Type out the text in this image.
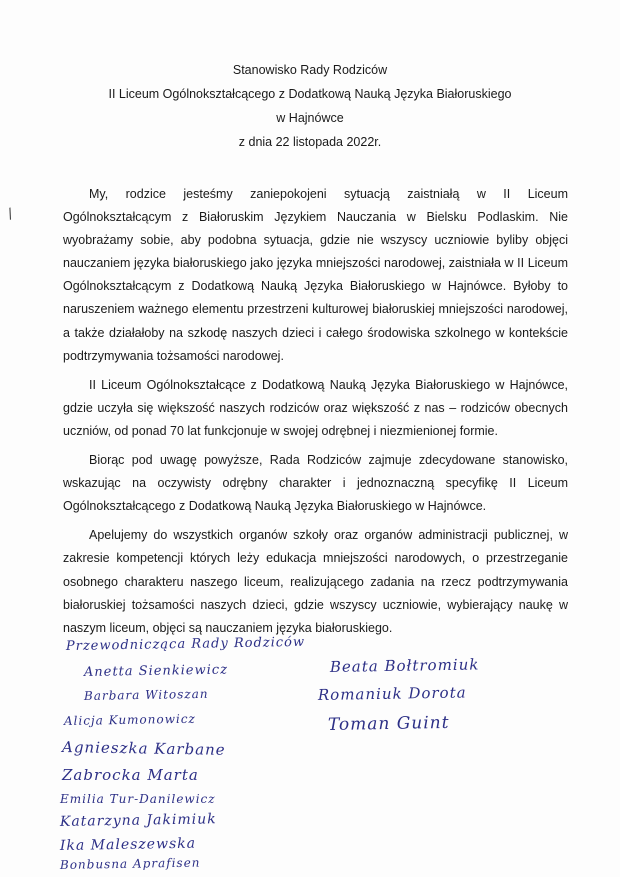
Stanowisko Rady Rodziców
II Liceum Ogólnokształcącego z Dodatkową Nauką Języka Białoruskiego
w Hajnówce
z dnia 22 listopada 2022r.
∕

My, rodzice jesteśmy zaniepokojeni sytuacją zaistniałą w II Liceum Ogólnokształcącym z Białoruskim Językiem Nauczania w Bielsku Podlaskim. Nie wyobrażamy sobie, aby podobna sytuacja, gdzie nie wszyscy uczniowie byliby objęci nauczaniem języka białoruskiego jako języka mniejszości narodowej, zaistniała w II Liceum Ogólnokształcącym z Dodatkową Nauką Języka Białoruskiego w Hajnówce. Byłoby to naruszeniem ważnego elementu przestrzeni kulturowej białoruskiej mniejszości narodowej, a także działałoby na szkodę naszych dzieci i całego środowiska szkolnego w kontekście podtrzymywania tożsamości narodowej.

II Liceum Ogólnokształcące z Dodatkową Nauką Języka Białoruskiego w Hajnówce, gdzie uczyła się większość naszych rodziców oraz większość z nas – rodziców obecnych uczniów, od ponad 70 lat funkcjonuje w swojej odrębnej i niezmienionej formie.

Biorąc pod uwagę powyższe, Rada Rodziców zajmuje zdecydowane stanowisko, wskazując na oczywisty odrębny charakter i jednoznaczną specyfikę II Liceum Ogólnokształcącego z Dodatkową Nauką Języka Białoruskiego w Hajnówce.

Apelujemy do wszystkich organów szkoły oraz organów administracji publicznej, w zakresie kompetencji których leży edukacja mniejszości narodowych, o przestrzeganie osobnego charakteru naszego liceum, realizującego zadania na rzecz podtrzymywania białoruskiej tożsamości naszych dzieci, gdzie wszyscy uczniowie, wybierający naukę w naszym liceum, objęci są nauczaniem języka białoruskiego.

Przewodnicząca Rady Rodziców
Anetta Sienkiewicz
Barbara Witoszan
Alicja Kumonowicz
Agnieszka Karbane
Zabrocka Marta
Emilia Tur-Danilewicz
Katarzyna Jakimiuk
Ika Maleszewska
Bonbusna Aprafisen
Beata Bołtromiuk
Romaniuk Dorota
Toman Guint
